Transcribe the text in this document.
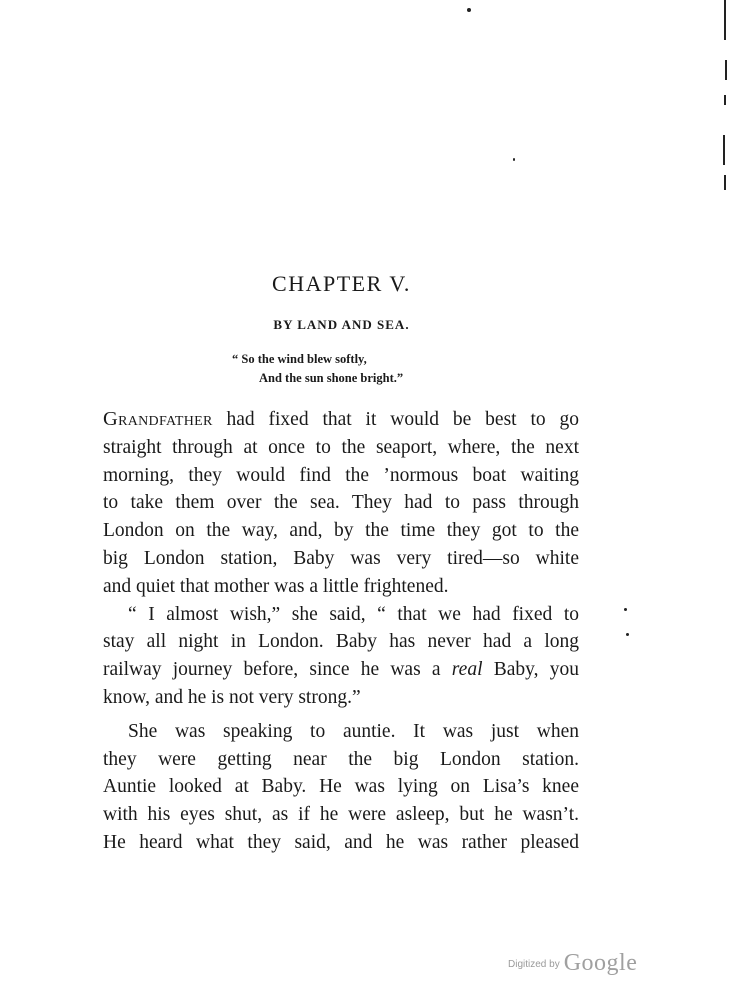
CHAPTER V.
BY LAND AND SEA.
“ So the wind blew softly,
And the sun shone bright.”

Grandfather had fixed that it would be best to go

straight through at once to the seaport, where, the next

morning, they would find the ’normous boat waiting

to take them over the sea. They had to pass through

London on the way, and, by the time they got to the

big London station, Baby was very tired—so white

and quiet that mother was a little frightened.

“ I almost wish,” she said, “ that we had fixed to

stay all night in London. Baby has never had a long

railway journey before, since he was a real Baby, you

know, and he is not very strong.”

She was speaking to auntie. It was just when

they were getting near the big London station.

Auntie looked at Baby. He was lying on Lisa’s knee

with his eyes shut, as if he were asleep, but he wasn’t.

He heard what they said, and he was rather pleased

Digitized by Google
